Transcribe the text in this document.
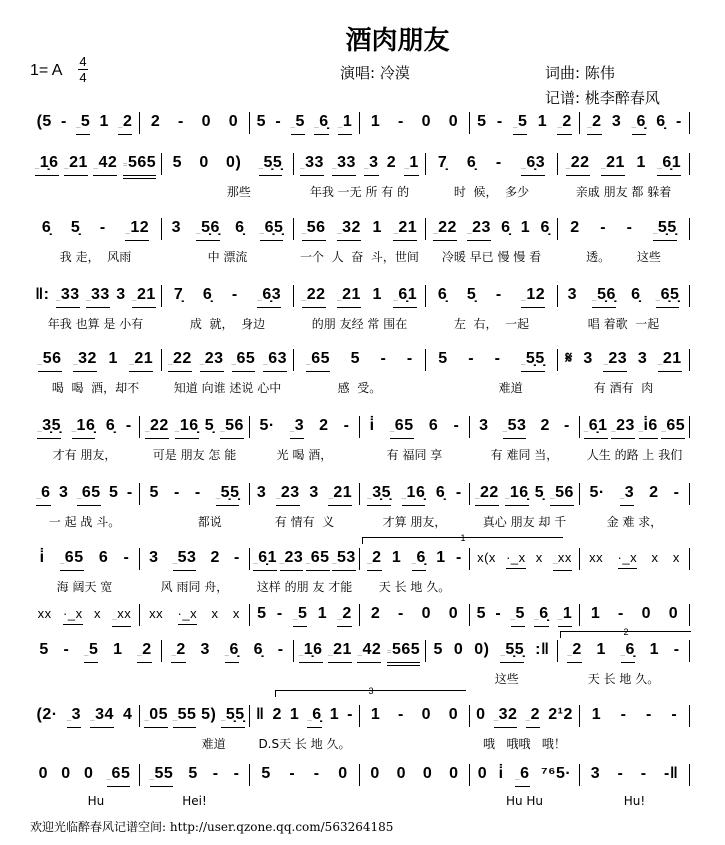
酒肉朋友
1= A
4
4	演唱: 冷漠	词曲: 陈伟
记谱: 桃李醉春风
(5 - _5 1 _2 2 - 0 0 5 - _5 _6̣ _1 1 - 0 0 5 - _5 1 _2 _2 3 _6̣ 6̣ -
_1̣6 _21 _42 =565 5 0 0) _5̣5̣
那些
_33 _33 _3 2 _1
年我 一无 所 有 的
7̣ 6̣ - _6̣3
时  候，  多少
_22 _21 1 _6̣1
亲戚 朋友 都 躲着
6̣ 5̣ - _12
我 走，  风雨
3 _5̣6̣ 6̣ _6̣5̣
中 漂流
_56 _32 1 _21
一个  人  奋  斗，世间
_22 _23 6̣ 1 6̣
冷暖 早已 慢 慢 看
2 - - _5̣5̣
透。       这些
‖: _33 _33 3 _21
年我 也算 是 小有
7̣ 6̣ - _6̣3
成  就，  身边
_22 _21 1 _6̣1
的朋 友经 常 围在
6̣ 5̣ - _12
左  右，  一起
3 _5̣6̣ 6̣ _6̣5̣
唱 着歌  一起
_56 _32 1 _21
喝  喝  酒，却不
_22 _23 _65 _63
知道 向谁 述说 心中
_65 5 - -
感  受。
5 - - _5̣5̣
难道
𝄋 3 _23 3 _21
有 酒有  肉
_3̣5̣ _16̣ 6̣ -
才有 朋友，
_22 _16̣ 5̣ _56
可是 朋友 怎 能
5· _3 2 -
光 喝 酒，
i̇ _65 6 -
有 福同 享
3 _53 2 -
有 难同 当，
_6̣1 _23 _i̇6 _65
人生 的路 上 我们
_6 3 _65 5 -
一 起 战 斗。
5 - - _5̣5̣
都说
3 _23 3 _21
有 情有  义
_3̣5̣ _16̣ 6̣ -
才算 朋友，
_22 _16̣ 5̣ _56
真心 朋友 却 千
5· _3 2 -
金 难 求，
i̇ _65 6 -
海 阔天 宽
3 _53 2 -
风 雨同 舟，
_6̣1 _23 _65 _53
这样 的朋 友 才能
_2 1 _6̣ 1 -
天 长 地 久。
x(x ·_x x _xx xx ·_x x x
xx ·_x x _xx xx ·_x x x 5 - _5 1 _2 2 - 0 0 5 - _5 _6̣ _1 1 - 0 0
5 - _5 1 _2 _2 3 _6̣ 6̣ - _1̣6 _21 _42 =565 5 0 0) _5̣5̣ :‖
这些
_2 1 _6̣ 1 -
天 长 地 久。
(2· _3 _34 4 _05 _55 5) _5̣5̣
难道
‖ 2 1 _6̣ 1 -
D.S天 长 地 久。
1 - 0 0 0 _32 _2 2¹2
哦   哦哦   哦！
1 - - -
0 0 0 _65
Hu
_55 5 - -
Hei!
5 - - 0 0 0 0 0 0 i̇ _6 ⁷⁶5·
Hu Hu
3 - - -‖
Hu!
1
2
3
欢迎光临醉春风记谱空间: http://user.qzone.qq.com/563264185
